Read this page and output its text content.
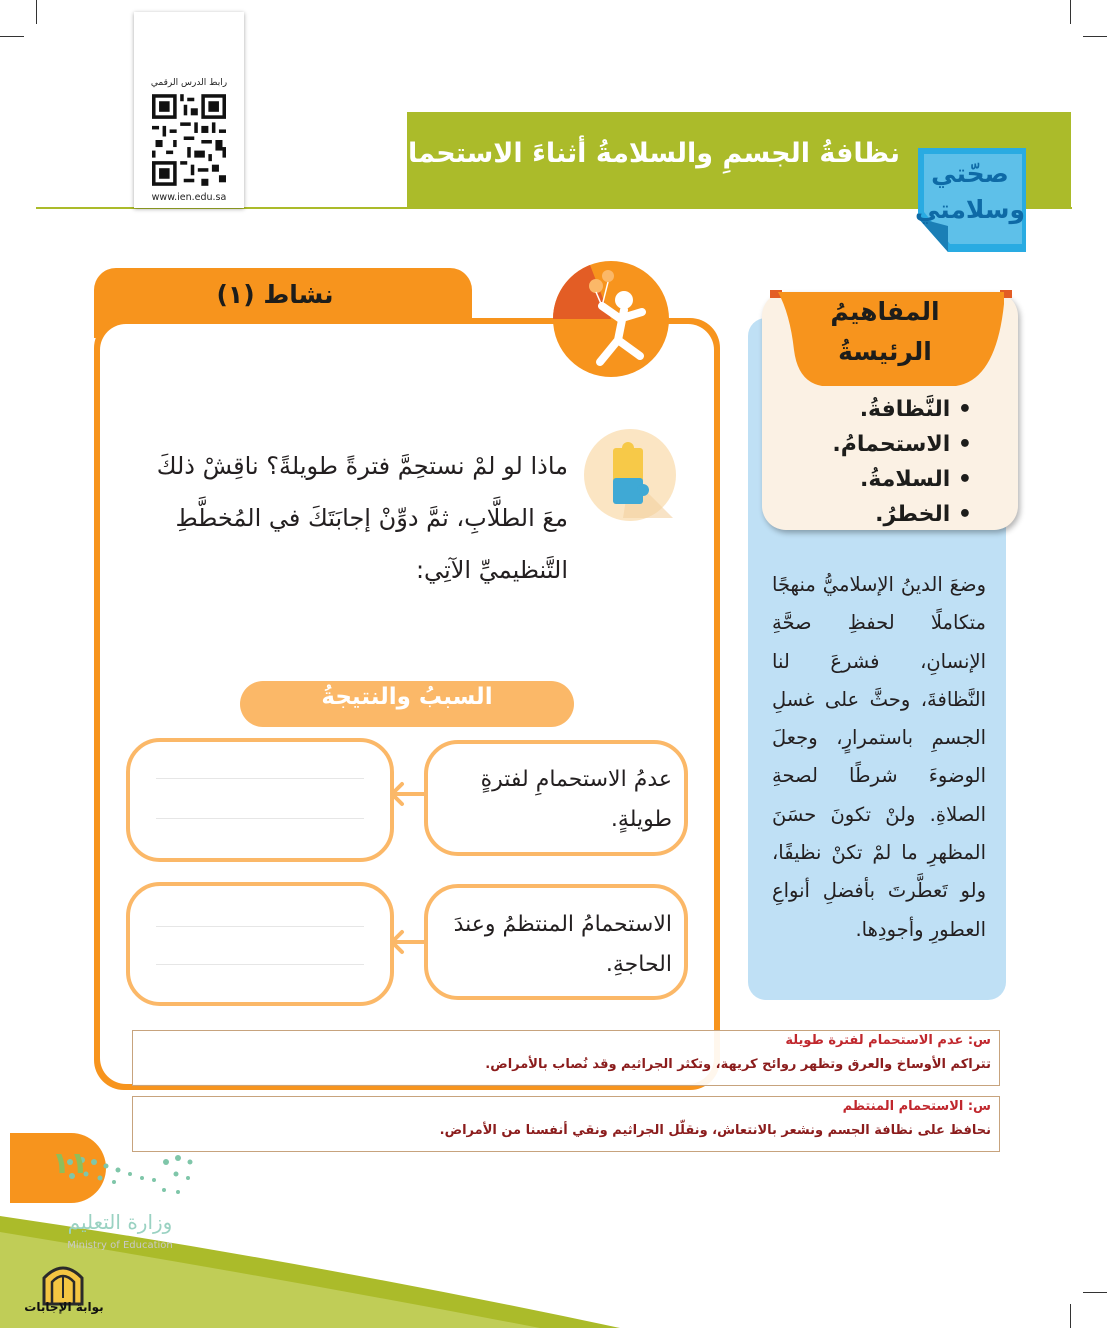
نظافةُ الجسمِ والسلامةُ أثناءَ الاستحمامِ
صحّتي
وسلامتي
رابط الدرس الرقمي
www.ien.edu.sa
وضعَ الدينُ الإسلاميُّ منهجًا متكاملًا لحفظِ صحَّةِ الإنسانِ، فشرعَ لنا النَّظافةَ، وحثَّ على غسلِ الجسمِ باستمرارٍ، وجعلَ الوضوءَ شرطًا لصحةِ الصلاةِ. ولنْ تكونَ حسَنَ المظهرِ ما لمْ تكنْ نظيفًا، ولو تَعطَّرتَ بأفضلِ أنواعِ العطورِ وأجودِها.
المفاهيمُ
الرئيسةُ
• النَّظافةُ.
• الاستحمامُ.
• السلامةُ.
• الخطرُ.
نشاط (١)
ماذا لو لمْ نستحِمَّ فترةً طويلةً؟ ناقِشْ ذلكَ معَ الطلَّابِ، ثمَّ دوِّنْ إجابَتَكَ في المُخطَّطِ التَّنظيميِّ الآتِي:
السببُ والنتيجةُ
عدمُ الاستحمامِ لفترةٍ طويلةٍ.
الاستحمامُ المنتظمُ وعندَ الحاجةِ.
س: عدم الاستحمام لفترة طويلة
تتراكم الأوساخ والعرق وتظهر روائح كريهة، وتكثر الجراثيم وقد نُصاب بالأمراض.
س: الاستحمام المنتظم
نحافظ على نظافة الجسم ونشعر بالانتعاش، ونقلّل الجراثيم ونقي أنفسنا من الأمراض.
١١
وزارة التعليم
Ministry of Education
بوابة الإجابات
